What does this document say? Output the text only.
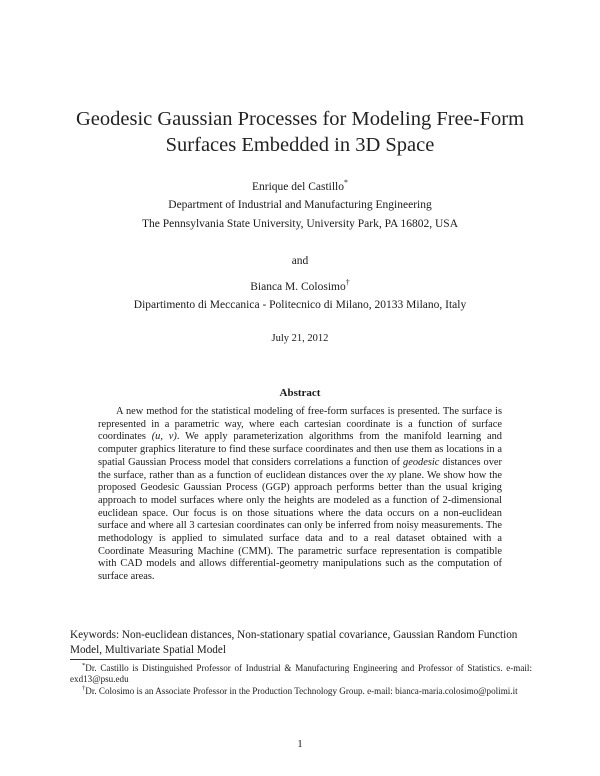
Geodesic Gaussian Processes for Modeling Free-Form
Surfaces Embedded in 3D Space
Enrique del Castillo*
Department of Industrial and Manufacturing Engineering
The Pennsylvania State University, University Park, PA 16802, USA
and
Bianca M. Colosimo†
Dipartimento di Meccanica - Politecnico di Milano, 20133 Milano, Italy
July 21, 2012
Abstract

A new method for the statistical modeling of free-form surfaces is presented. The surface is represented in a parametric way, where each cartesian coordinate is a function of surface coordinates (u, v). We apply parameterization algorithms from the manifold learning and computer graphics literature to find these surface coordinates and then use them as locations in a spatial Gaussian Process model that considers correlations a function of geodesic distances over the surface, rather than as a function of euclidean distances over the xy plane. We show how the proposed Geodesic Gaussian Process (GGP) approach performs better than the usual kriging approach to model surfaces where only the heights are modeled as a function of 2-dimensional euclidean space. Our focus is on those situations where the data occurs on a non-euclidean surface and where all 3 cartesian coordinates can only be inferred from noisy measurements. The methodology is applied to simulated surface data and to a real dataset obtained with a Coordinate Measuring Machine (CMM). The parametric surface representation is compatible with CAD models and allows differential-geometry manipulations such as the computation of surface areas.

Keywords: Non-euclidean distances, Non-stationary spatial covariance, Gaussian Random Function Model, Multivariate Spatial Model

*Dr. Castillo is Distinguished Professor of Industrial & Manufacturing Engineering and Professor of Statistics. e-mail: exd13@psu.edu

†Dr. Colosimo is an Associate Professor in the Production Technology Group. e-mail: bianca-maria.colosimo@polimi.it

1
